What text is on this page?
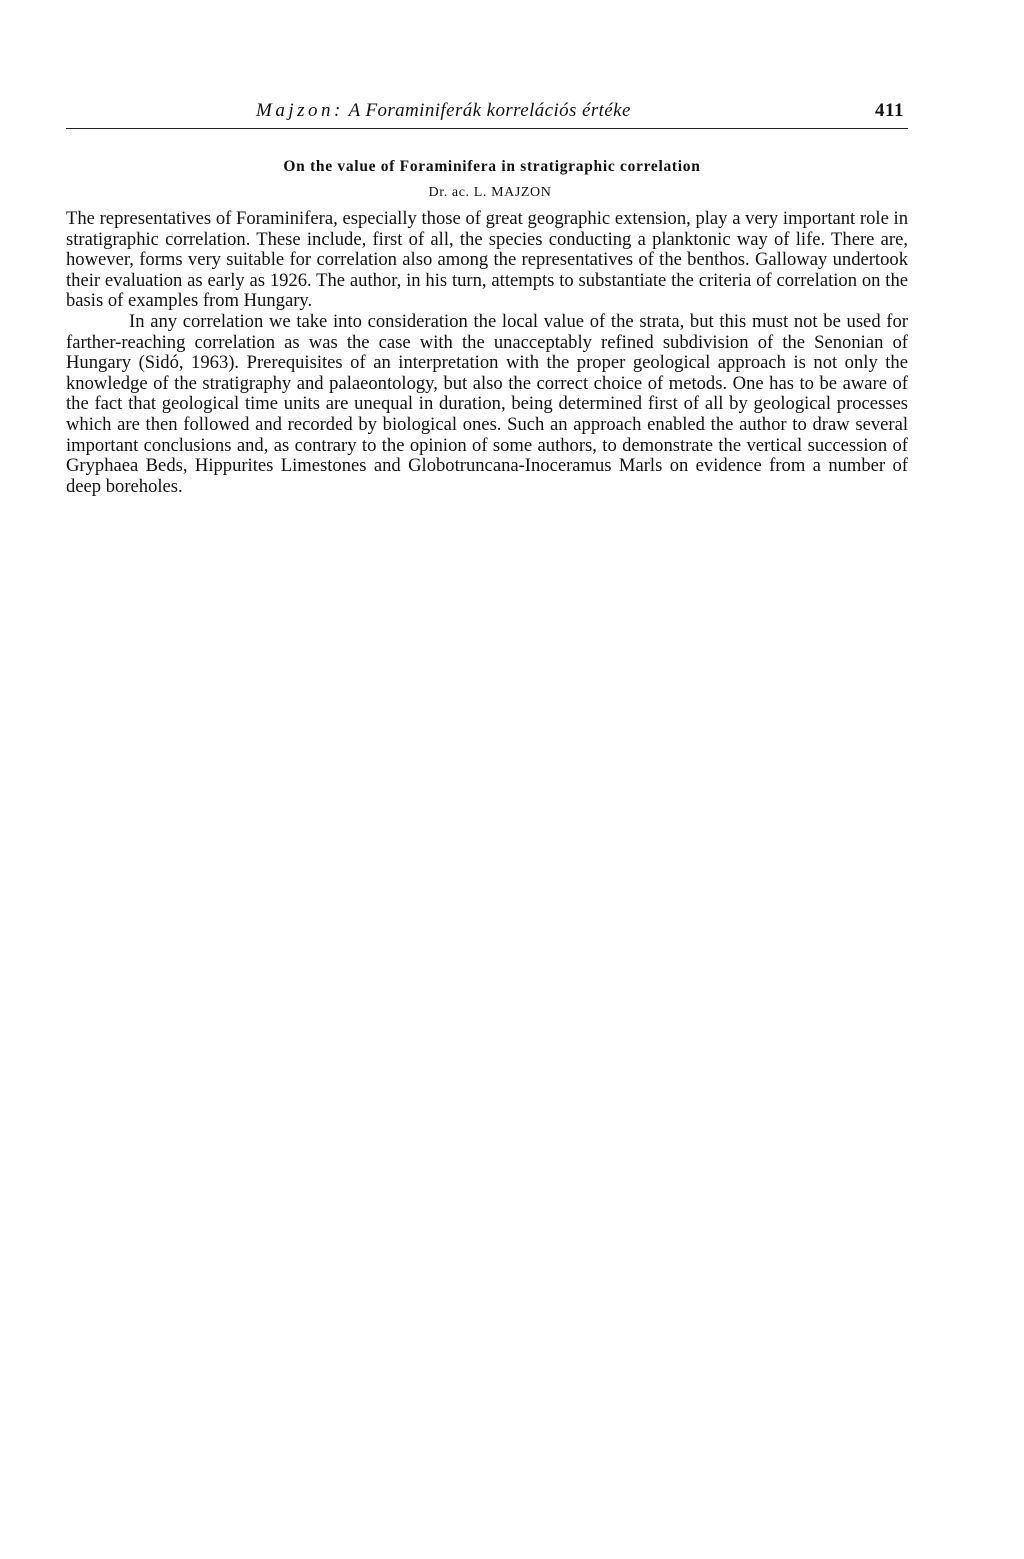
Majzon: A Foraminiferák korrelációs értéke	411
On the value of Foraminifera in stratigraphic correlation
Dr. ac. L. MAJZON

The representatives of Foraminifera, especially those of great geographic extension, play a very important role in stratigraphic correlation. These include, first of all, the species conducting a planktonic way of life. There are, however, forms very suitable for correlation also among the representatives of the benthos. Galloway undertook their evaluation as early as 1926. The author, in his turn, attempts to substantiate the criteria of correlation on the basis of examples from Hungary.

In any correlation we take into consideration the local value of the strata, but this must not be used for farther-reaching correlation as was the case with the unacceptably refined subdivision of the Senonian of Hungary (Sidó, 1963). Prerequisites of an interpretation with the proper geological approach is not only the knowledge of the stratigraphy and palaeontology, but also the correct choice of metods. One has to be aware of the fact that geological time units are unequal in duration, being determined first of all by geological processes which are then followed and recorded by biological ones. Such an approach enabled the author to draw several important conclusions and, as contrary to the opinion of some authors, to demonstrate the vertical succession of Gryphaea Beds, Hippurites Limestones and Globotruncana-Inoceramus Marls on evidence from a number of deep boreholes.
